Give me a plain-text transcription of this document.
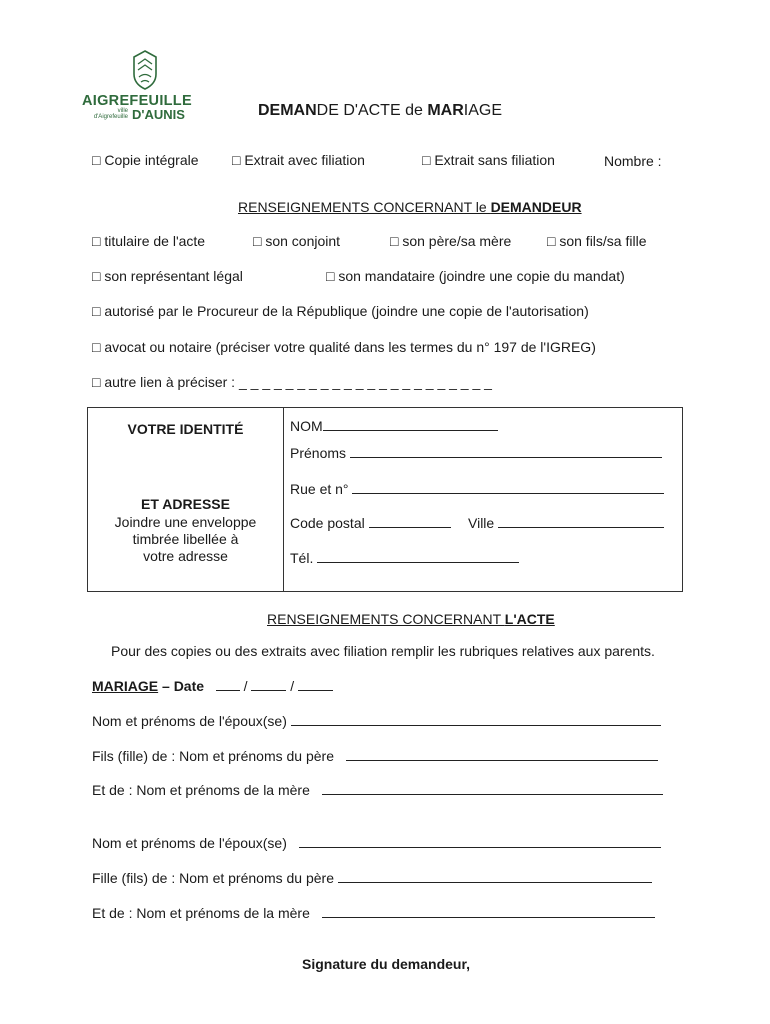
AIGREFEUILLE
ville d'Aigrefeuille D'AUNIS	DEMANDE D'ACTE de MARIAGE
□ Copie intégrale □ Extrait avec filiation	□ Extrait sans filiation	Nombre :
RENSEIGNEMENTS CONCERNANT le DEMANDEUR
□ titulaire de l'acte	□ son conjoint	□ son père/sa mère	□ son fils/sa fille
□ son représentant légal	□ son mandataire (joindre une copie du mandat)
□ autorisé par le Procureur de la République (joindre une copie de l'autorisation)
□ avocat ou notaire (préciser votre qualité dans les termes du n° 197 de l'IGREG)
□ autre lien à préciser : _ _ _ _ _ _ _ _ _ _ _ _ _ _ _ _ _ _ _ _ _ _
VOTRE IDENTITÉ
ET ADRESSE
Joindre une enveloppe
timbrée libellée à
votre adresse
NOM
Prénoms
Rue et n°
Code postal	Ville
Tél.
RENSEIGNEMENTS CONCERNANT L'ACTE
Pour des copies ou des extraits avec filiation remplir les rubriques relatives aux parents.
MARIAGE – Date	/	/
Nom et prénoms de l'époux(se)
Fils (fille) de : Nom et prénoms du père
Et de : Nom et prénoms de la mère
Nom et prénoms de l'époux(se)
Fille (fils) de : Nom et prénoms du père
Et de : Nom et prénoms de la mère
Signature du demandeur,
